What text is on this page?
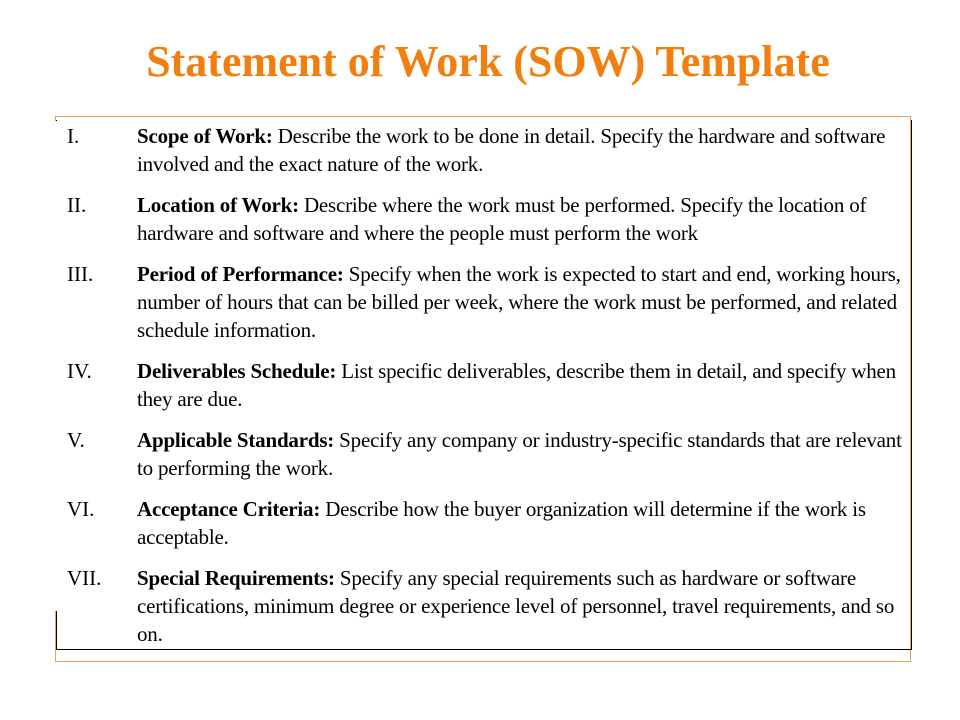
Statement of Work (SOW) Template
I.	Scope of Work: Describe the work to be done in detail. Specify the hardware and software involved and the exact nature of the work.
II.	Location of Work: Describe where the work must be performed. Specify the location of hardware and software and where the people must perform the work
III.	Period of Performance: Specify when the work is expected to start and end, working hours, number of hours that can be billed per week, where the work must be performed, and related schedule information.
IV.	Deliverables Schedule: List specific deliverables, describe them in detail, and specify when they are due.
V.	Applicable Standards: Specify any company or industry-specific standards that are relevant to performing the work.
VI.	Acceptance Criteria: Describe how the buyer organization will determine if the work is acceptable.
VII.	Special Requirements: Specify any special requirements such as hardware or software certifications, minimum degree or experience level of personnel, travel requirements, and so on.
